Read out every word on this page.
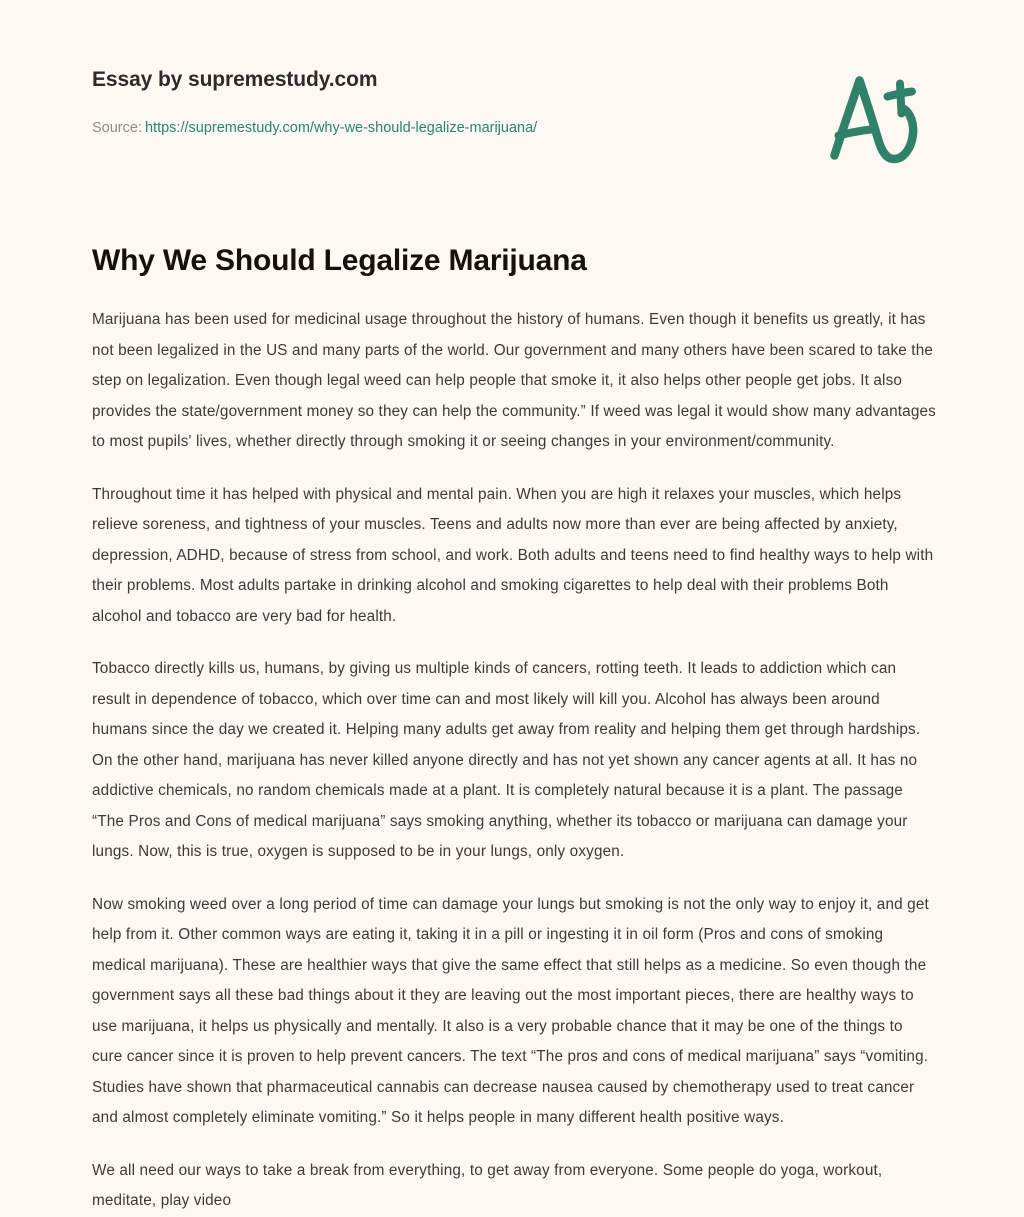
Essay by supremestudy.com
Source: https://supremestudy.com/why-we-should-legalize-marijuana/
Why We Should Legalize Marijuana

Marijuana has been used for medicinal usage throughout the history of humans. Even though it benefits us greatly, it has not been legalized in the US and many parts of the world. Our government and many others have been scared to take the step on legalization. Even though legal weed can help people that smoke it, it also helps other people get jobs. It also provides the state/government money so they can help the community.” If weed was legal it would show many advantages to most pupils' lives, whether directly through smoking it or seeing changes in your environment/community.

Throughout time it has helped with physical and mental pain. When you are high it relaxes your muscles, which helps relieve soreness, and tightness of your muscles. Teens and adults now more than ever are being affected by anxiety, depression, ADHD, because of stress from school, and work. Both adults and teens need to find healthy ways to help with their problems. Most adults partake in drinking alcohol and smoking cigarettes to help deal with their problems Both alcohol and tobacco are very bad for health.

Tobacco directly kills us, humans, by giving us multiple kinds of cancers, rotting teeth. It leads to addiction which can result in dependence of tobacco, which over time can and most likely will kill you. Alcohol has always been around humans since the day we created it. Helping many adults get away from reality and helping them get through hardships. On the other hand, marijuana has never killed anyone directly and has not yet shown any cancer agents at all. It has no addictive chemicals, no random chemicals made at a plant. It is completely natural because it is a plant. The passage “The Pros and Cons of medical marijuana” says smoking anything, whether its tobacco or marijuana can damage your lungs. Now, this is true, oxygen is supposed to be in your lungs, only oxygen.

Now smoking weed over a long period of time can damage your lungs but smoking is not the only way to enjoy it, and get help from it. Other common ways are eating it, taking it in a pill or ingesting it in oil form (Pros and cons of smoking medical marijuana). These are healthier ways that give the same effect that still helps as a medicine. So even though the government says all these bad things about it they are leaving out the most important pieces, there are healthy ways to use marijuana, it helps us physically and mentally. It also is a very probable chance that it may be one of the things to cure cancer since it is proven to help prevent cancers. The text “The pros and cons of medical marijuana” says “vomiting. Studies have shown that pharmaceutical cannabis can decrease nausea caused by chemotherapy used to treat cancer and almost completely eliminate vomiting.” So it helps people in many different health positive ways.

We all need our ways to take a break from everything, to get away from everyone. Some people do yoga, workout, meditate, play video
